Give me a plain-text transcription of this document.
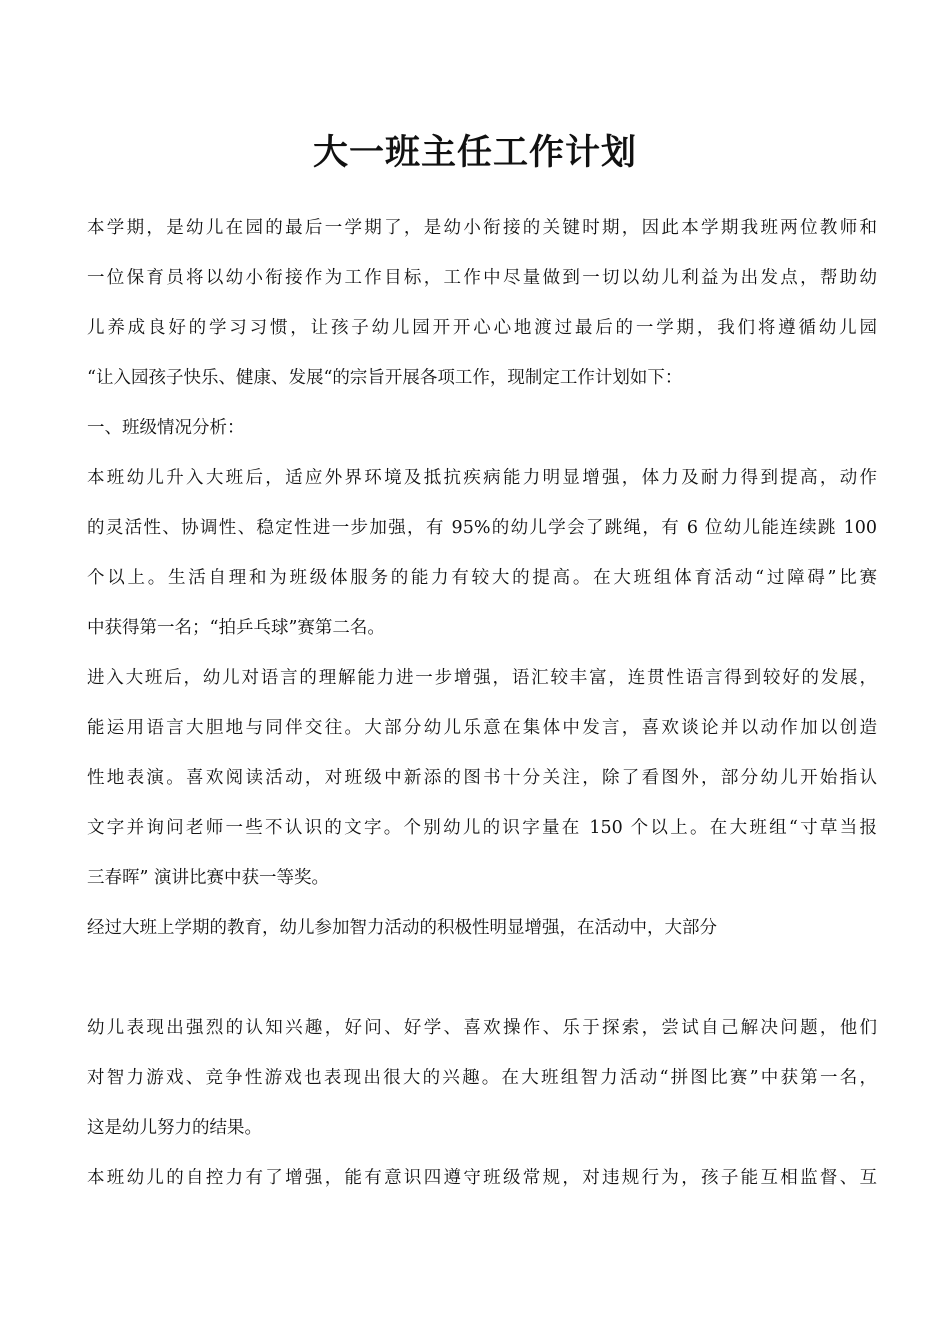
大一班主任工作计划
本学期，是幼儿在园的最后一学期了，是幼小衔接的关键时期，因此本学期我班两位教师和
一位保育员将以幼小衔接作为工作目标，工作中尽量做到一切以幼儿利益为出发点，帮助幼
儿养成良好的学习习惯，让孩子幼儿园开开心心地渡过最后的一学期，我们将遵循幼儿园
“让入园孩子快乐、健康、发展“的宗旨开展各项工作，现制定工作计划如下：
一、班级情况分析：
本班幼儿升入大班后，适应外界环境及抵抗疾病能力明显增强，体力及耐力得到提高，动作
的灵活性、协调性、稳定性进一步加强，有 95%的幼儿学会了跳绳，有 6 位幼儿能连续跳 100
个以上。生活自理和为班级体服务的能力有较大的提高。在大班组体育活动“过障碍”比赛
中获得第一名；“拍乒乓球”赛第二名。
进入大班后，幼儿对语言的理解能力进一步增强，语汇较丰富，连贯性语言得到较好的发展，
能运用语言大胆地与同伴交往。大部分幼儿乐意在集体中发言，喜欢谈论并以动作加以创造
性地表演。喜欢阅读活动，对班级中新添的图书十分关注，除了看图外，部分幼儿开始指认
文字并询问老师一些不认识的文字。个别幼儿的识字量在 150 个以上。在大班组“寸草当报
三春晖” 演讲比赛中获一等奖。
经过大班上学期的教育，幼儿参加智力活动的积极性明显增强，在活动中，大部分
幼儿表现出强烈的认知兴趣，好问、好学、喜欢操作、乐于探索，尝试自己解决问题，他们
对智力游戏、竞争性游戏也表现出很大的兴趣。在大班组智力活动“拼图比赛”中获第一名，
这是幼儿努力的结果。
本班幼儿的自控力有了增强，能有意识四遵守班级常规，对违规行为，孩子能互相监督、互
